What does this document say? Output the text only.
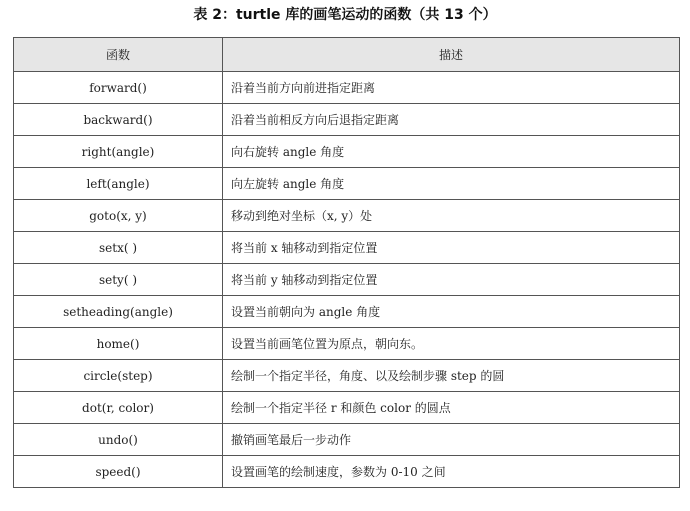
表 2：turtle 库的画笔运动的函数（共 13 个）
函数	描述
forward()	沿着当前方向前进指定距离
backward()	沿着当前相反方向后退指定距离
right(angle)	向右旋转 angle 角度
left(angle)	向左旋转 angle 角度
goto(x, y)	移动到绝对坐标（x, y）处
setx( )	将当前 x 轴移动到指定位置
sety( )	将当前 y 轴移动到指定位置
setheading(angle)	设置当前朝向为 angle 角度
home()	设置当前画笔位置为原点，朝向东。
circle(step)	绘制一个指定半径，角度、以及绘制步骤 step 的圆
dot(r, color)	绘制一个指定半径 r 和颜色 color 的圆点
undo()	撤销画笔最后一步动作
speed()	设置画笔的绘制速度，参数为 0-10 之间
